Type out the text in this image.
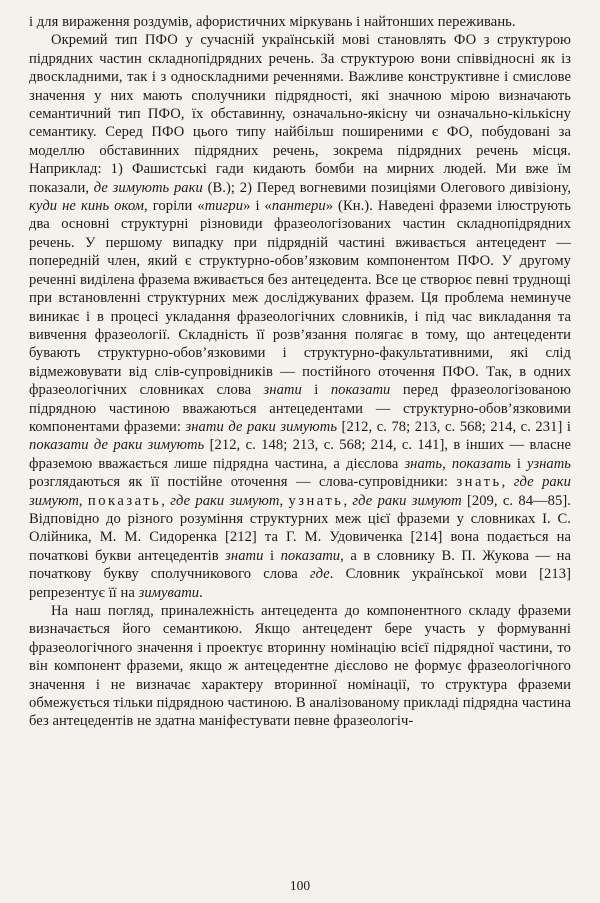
і для вираження роздумів, афористичних міркувань і найтонших переживань.

Окремий тип ПФО у сучасній українській мові становлять ФО з структурою підрядних частин складнопідрядних речень. За структурою вони співвідносні як із двоскладними, так і з односкладними реченнями. Важливе конструктивне і смислове значення у них мають сполучники підрядності, які значною мірою визначають семантичний тип ПФО, їх обставинну, означально-якісну чи означально-кількісну семантику. Серед ПФО цього типу найбільш поширеними є ФО, побудовані за моделлю обставинних підрядних речень, зокрема підрядних речень місця. Наприклад: 1) Фашистські гади кидають бомби на мирних людей. Ми вже їм показали, де зимують раки (В.); 2) Перед вогневими позиціями Олегового дивізіону, куди не кинь оком, горіли «тигри» і «пантери» (Кн.). Наведені фраземи ілюструють два основні структурні різновиди фразеологізованих частин складнопідрядних речень. У першому випадку при підрядній частині вживається антецедент — попередній член, який є структурно-обов’язковим компонентом ПФО. У другому реченні виділена фразема вживається без антецедента. Все це створює певні труднощі при встановленні структурних меж досліджуваних фразем. Ця проблема неминуче виникає і в процесі укладання фразеологічних словників, і під час викладання та вивчення фразеології. Складність її розв’язання полягає в тому, що антецеденти бувають структурно-обов’язковими і структурно-факультативними, які слід відмежовувати від слів-супровідників — постійного оточення ПФО. Так, в одних фразеологічних словниках слова знати і показати перед фразеологізованою підрядною частиною вважаються антецедентами — структурно-обов’язковими компонентами фраземи: знати де раки зимують [212, с. 78; 213, с. 568; 214, с. 231] і показати де раки зимують [212, с. 148; 213, с. 568; 214, с. 141], в інших — власне фраземою вважається лише підрядна частина, а дієслова знать, показать і узнать розглядаються як її постійне оточення — слова-супровідники: знать, где раки зимуют, показать, где раки зимуют, узнать, где раки зимуют [209, с. 84—85]. Відповідно до різного розуміння структурних меж цієї фраземи у словниках І. С. Олійника, М. М. Сидоренка [212] та Г. М. Удовиченка [214] вона подається на початкові букви антецедентів знати і показати, а в словнику В. П. Жукова — на початкову букву сполучникового слова где. Словник української мови [213] репрезентує її на зимувати.

На наш погляд, приналежність антецедента до компонентного складу фраземи визначається його семантикою. Якщо антецедент бере участь у формуванні фразеологічного значення і проектує вторинну номінацію всієї підрядної частини, то він компонент фраземи, якщо ж антецедентне дієслово не формує фразеологічного значення і не визначає характеру вторинної номінації, то структура фраземи обмежується тільки підрядною частиною. В аналізованому прикладі підрядна частина без антецедентів не здатна маніфестувати певне фразеологіч-

100
